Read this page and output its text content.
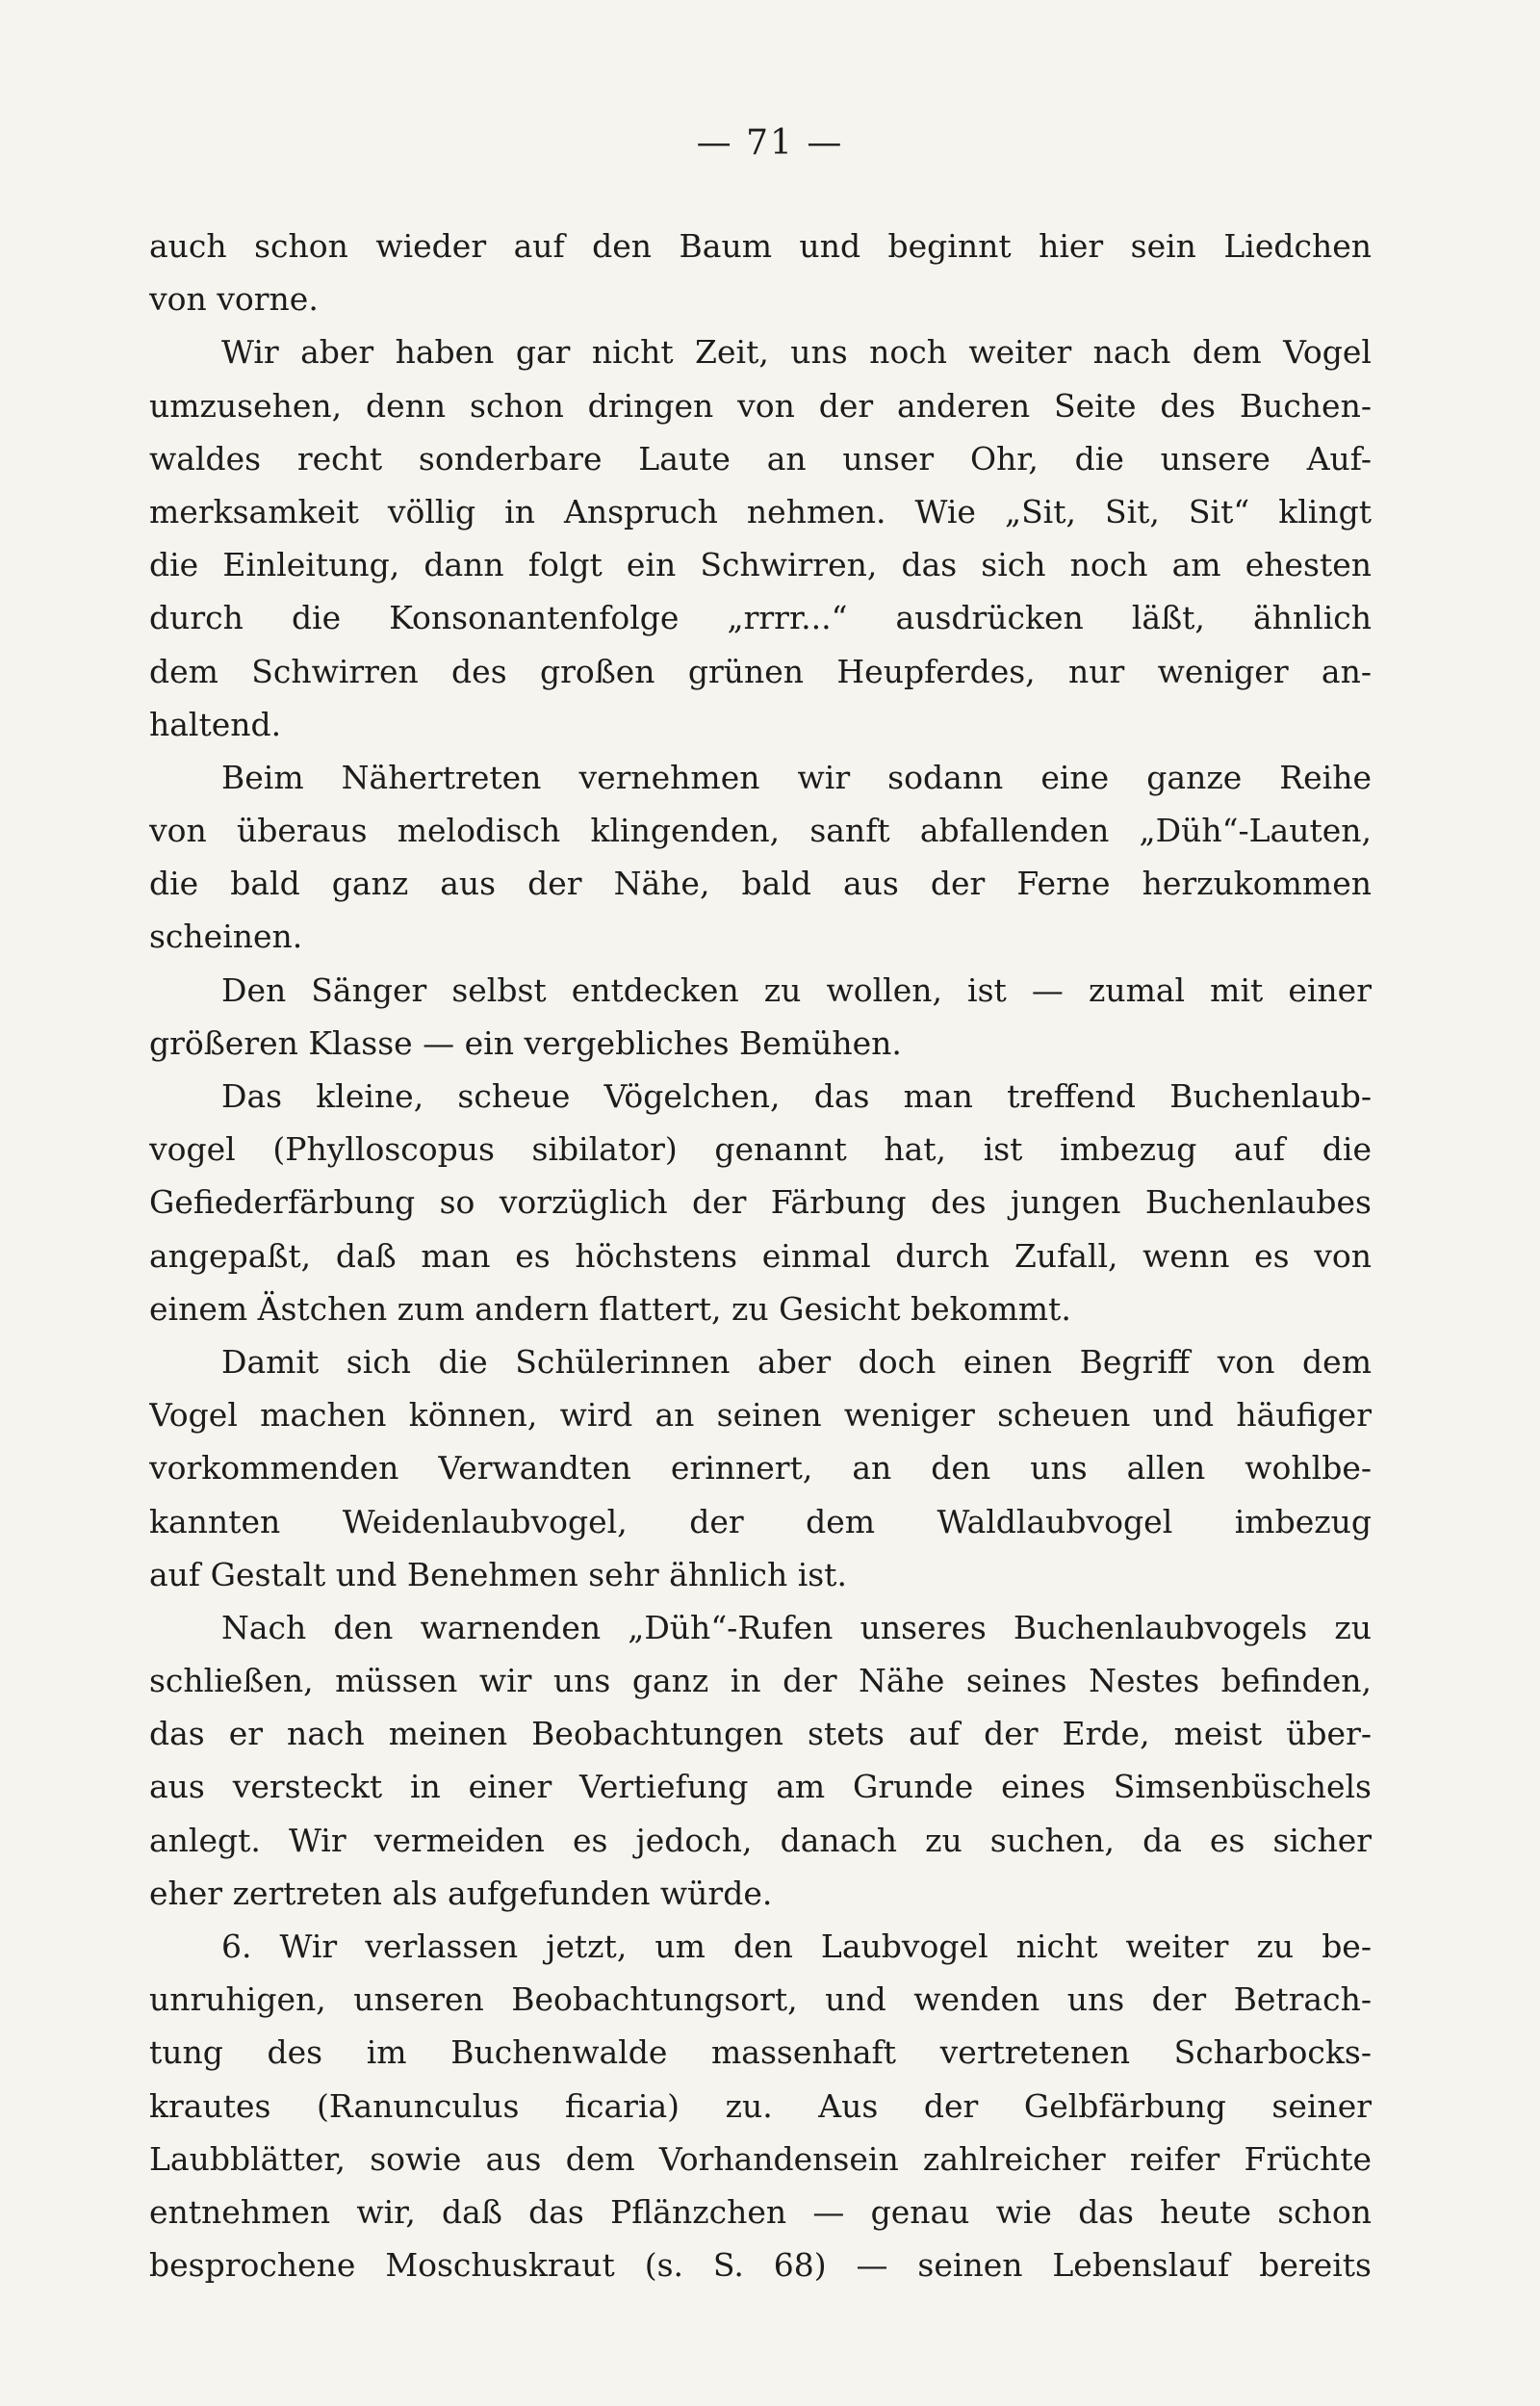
— 71 —
auch schon wieder auf den Baum und beginnt hier sein Liedchen
von vorne.
Wir aber haben gar nicht Zeit, uns noch weiter nach dem Vogel
umzusehen, denn schon dringen von der anderen Seite des Buchen-
waldes recht sonderbare Laute an unser Ohr, die unsere Auf-
merksamkeit völlig in Anspruch nehmen. Wie „Sit, Sit, Sit“ klingt
die Einleitung, dann folgt ein Schwirren, das sich noch am ehesten
durch die Konsonantenfolge „rrrr...“ ausdrücken läßt, ähnlich
dem Schwirren des großen grünen Heupferdes, nur weniger an-
haltend.
Beim Nähertreten vernehmen wir sodann eine ganze Reihe
von überaus melodisch klingenden, sanft abfallenden „Düh“-Lauten,
die bald ganz aus der Nähe, bald aus der Ferne herzukommen
scheinen.
Den Sänger selbst entdecken zu wollen, ist — zumal mit einer
größeren Klasse — ein vergebliches Bemühen.
Das kleine, scheue Vögelchen, das man treffend Buchenlaub-
vogel (Phylloscopus sibilator) genannt hat, ist imbezug auf die
Gefiederfärbung so vorzüglich der Färbung des jungen Buchenlaubes
angepaßt, daß man es höchstens einmal durch Zufall, wenn es von
einem Ästchen zum andern flattert, zu Gesicht bekommt.
Damit sich die Schülerinnen aber doch einen Begriff von dem
Vogel machen können, wird an seinen weniger scheuen und häufiger
vorkommenden Verwandten erinnert, an den uns allen wohlbe-
kannten Weidenlaubvogel, der dem Waldlaubvogel imbezug
auf Gestalt und Benehmen sehr ähnlich ist.
Nach den warnenden „Düh“-Rufen unseres Buchenlaubvogels zu
schließen, müssen wir uns ganz in der Nähe seines Nestes befinden,
das er nach meinen Beobachtungen stets auf der Erde, meist über-
aus versteckt in einer Vertiefung am Grunde eines Simsenbüschels
anlegt. Wir vermeiden es jedoch, danach zu suchen, da es sicher
eher zertreten als aufgefunden würde.
6. Wir verlassen jetzt, um den Laubvogel nicht weiter zu be-
unruhigen, unseren Beobachtungsort, und wenden uns der Betrach-
tung des im Buchenwalde massenhaft vertretenen Scharbocks-
krautes (Ranunculus ficaria) zu. Aus der Gelbfärbung seiner
Laubblätter, sowie aus dem Vorhandensein zahlreicher reifer Früchte
entnehmen wir, daß das Pflänzchen — genau wie das heute schon
besprochene Moschuskraut (s. S. 68) — seinen Lebenslauf bereits
